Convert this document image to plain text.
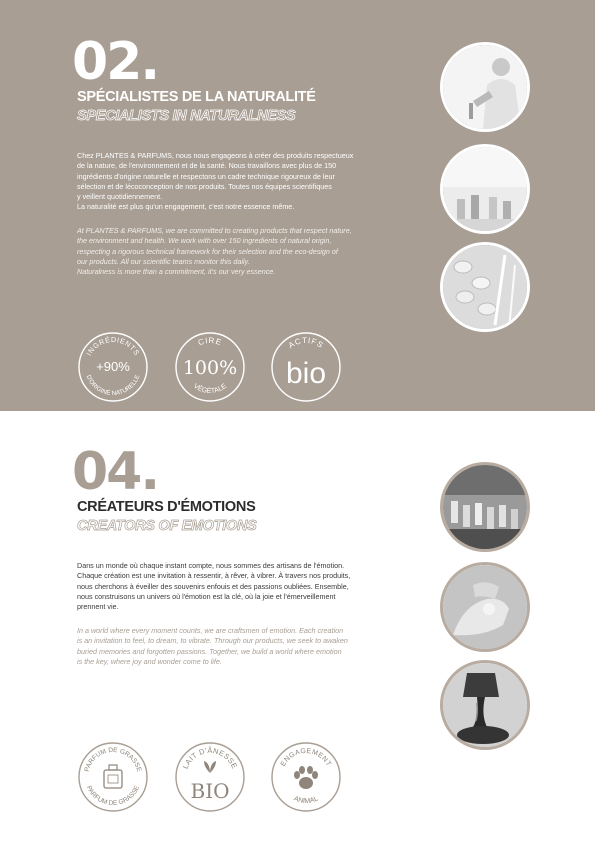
02.
SPÉCIALISTES DE LA NATURALITÉ
SPECIALISTS IN NATURALNESS
Chez PLANTES & PARFUMS, nous nous engageons à créer des produits respectueux
de la nature, de l'environnement et de la santé. Nous travaillons avec plus de 150
ingrédients d'origine naturelle et respectons un cadre technique rigoureux de leur
sélection et de lécoconception de nos produits. Toutes nos équipes scientifiques
y veillent quotidiennement.
La naturalité est plus qu'un engagement, c'est notre essence même.
At PLANTES & PARFUMS, we are committed to creating products that respect nature,
the environment and health. We work with over 150 ingredients of natural origin,
respecting a rigorous technical framework for their selection and the eco-design of
our products. All our scientific teams monitor this daily.
Naturalness is more than a commitment, it's our very essence.
INGRÉDIENTS
+90%
D'ORIGINE NATURELLE
CIRE
100%
VÉGÉTALE
ACTIFS
bio
04.
CRÉATEURS D'ÉMOTIONS
CREATORS OF EMOTIONS
Dans un monde où chaque instant compte, nous sommes des artisans de l'émotion.
Chaque création est une invitation à ressentir, à rêver, à vibrer. À travers nos produits,
nous cherchons à éveiller des souvenirs enfouis et des passions oubliées. Ensemble,
nous construisons un univers où l'émotion est la clé, où la joie et l'émerveillement
prennent vie.
In a world where every moment counts, we are craftsmen of emotion. Each creation
is an invitation to feel, to dream, to vibrate. Through our products, we seek to awaken
buried memories and forgotten passions. Together, we build a world where emotion
is the key, where joy and wonder come to life.
PARFUM DE GRASSE
PARFUM DE GRASSE
LAIT D'ÂNESSE
BIO
ENGAGEMENT
ANIMAL
